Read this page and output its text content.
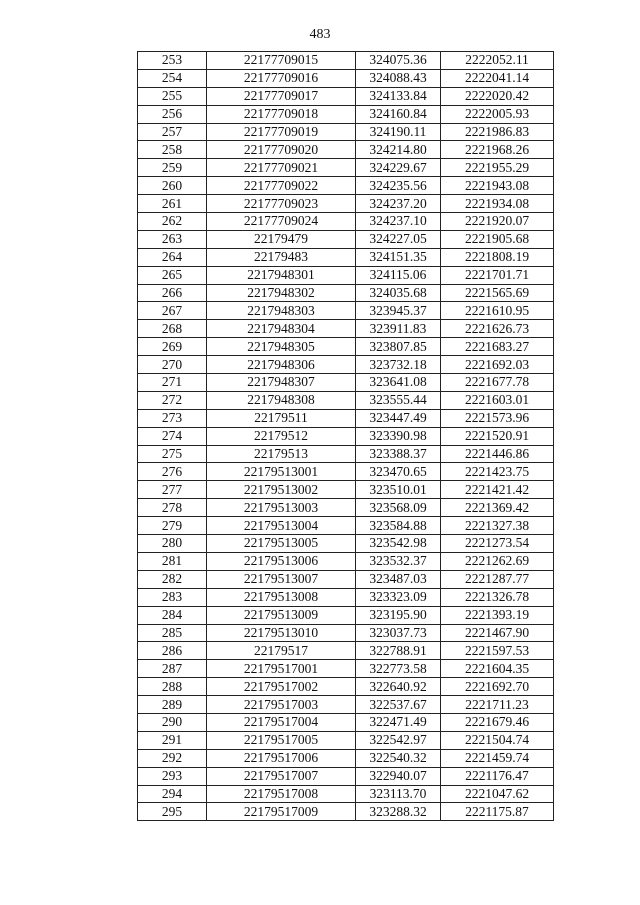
483
253	22177709015	324075.36	2222052.11
254	22177709016	324088.43	2222041.14
255	22177709017	324133.84	2222020.42
256	22177709018	324160.84	2222005.93
257	22177709019	324190.11	2221986.83
258	22177709020	324214.80	2221968.26
259	22177709021	324229.67	2221955.29
260	22177709022	324235.56	2221943.08
261	22177709023	324237.20	2221934.08
262	22177709024	324237.10	2221920.07
263	22179479	324227.05	2221905.68
264	22179483	324151.35	2221808.19
265	2217948301	324115.06	2221701.71
266	2217948302	324035.68	2221565.69
267	2217948303	323945.37	2221610.95
268	2217948304	323911.83	2221626.73
269	2217948305	323807.85	2221683.27
270	2217948306	323732.18	2221692.03
271	2217948307	323641.08	2221677.78
272	2217948308	323555.44	2221603.01
273	22179511	323447.49	2221573.96
274	22179512	323390.98	2221520.91
275	22179513	323388.37	2221446.86
276	22179513001	323470.65	2221423.75
277	22179513002	323510.01	2221421.42
278	22179513003	323568.09	2221369.42
279	22179513004	323584.88	2221327.38
280	22179513005	323542.98	2221273.54
281	22179513006	323532.37	2221262.69
282	22179513007	323487.03	2221287.77
283	22179513008	323323.09	2221326.78
284	22179513009	323195.90	2221393.19
285	22179513010	323037.73	2221467.90
286	22179517	322788.91	2221597.53
287	22179517001	322773.58	2221604.35
288	22179517002	322640.92	2221692.70
289	22179517003	322537.67	2221711.23
290	22179517004	322471.49	2221679.46
291	22179517005	322542.97	2221504.74
292	22179517006	322540.32	2221459.74
293	22179517007	322940.07	2221176.47
294	22179517008	323113.70	2221047.62
295	22179517009	323288.32	2221175.87
